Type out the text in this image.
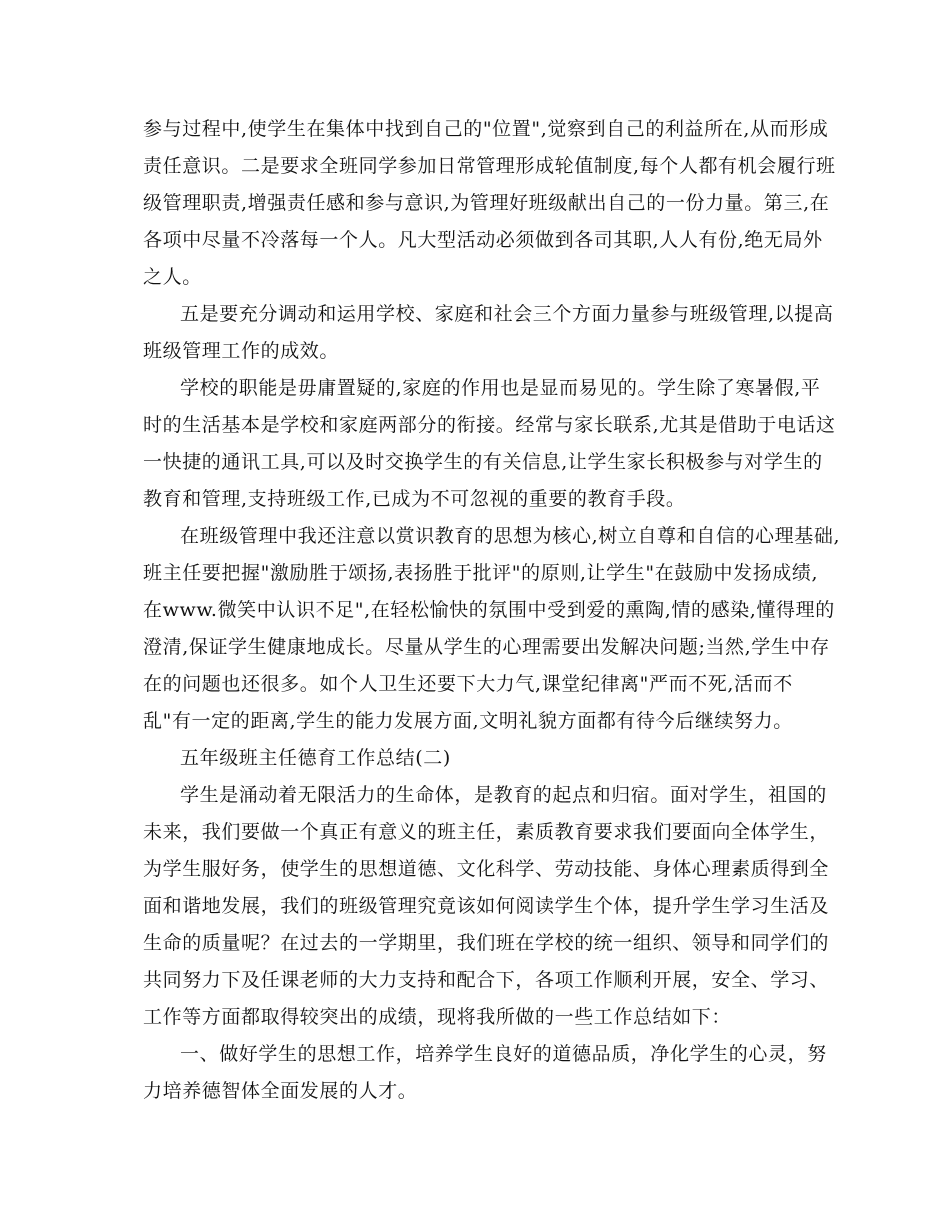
参与过程中,使学生在集体中找到自己的"位置",觉察到自己的利益所在,从而形成
责任意识。二是要求全班同学参加日常管理形成轮值制度,每个人都有机会履行班
级管理职责,增强责任感和参与意识,为管理好班级献出自己的一份力量。第三,在
各项中尽量不冷落每一个人。凡大型活动必须做到各司其职,人人有份,绝无局外
之人。
五是要充分调动和运用学校、家庭和社会三个方面力量参与班级管理,以提高
班级管理工作的成效。
学校的职能是毋庸置疑的,家庭的作用也是显而易见的。学生除了寒暑假,平
时的生活基本是学校和家庭两部分的衔接。经常与家长联系,尤其是借助于电话这
一快捷的通讯工具,可以及时交换学生的有关信息,让学生家长积极参与对学生的
教育和管理,支持班级工作,已成为不可忽视的重要的教育手段。
在班级管理中我还注意以赏识教育的思想为核心,树立自尊和自信的心理基础,
班主任要把握"激励胜于颂扬,表扬胜于批评"的原则,让学生"在鼓励中发扬成绩,
在www.微笑中认识不足",在轻松愉快的氛围中受到爱的熏陶,情的感染,懂得理的
澄清,保证学生健康地成长。尽量从学生的心理需要出发解决问题;当然,学生中存
在的问题也还很多。如个人卫生还要下大力气,课堂纪律离"严而不死,活而不
乱"有一定的距离,学生的能力发展方面,文明礼貌方面都有待今后继续努力。
五年级班主任德育工作总结(二)
学生是涌动着无限活力的生命体，是教育的起点和归宿。面对学生，祖国的
未来，我们要做一个真正有意义的班主任，素质教育要求我们要面向全体学生，
为学生服好务，使学生的思想道德、文化科学、劳动技能、身体心理素质得到全
面和谐地发展，我们的班级管理究竟该如何阅读学生个体，提升学生学习生活及
生命的质量呢？在过去的一学期里，我们班在学校的统一组织、领导和同学们的
共同努力下及任课老师的大力支持和配合下，各项工作顺利开展，安全、学习、
工作等方面都取得较突出的成绩，现将我所做的一些工作总结如下：
一、做好学生的思想工作，培养学生良好的道德品质，净化学生的心灵，努
力培养德智体全面发展的人才。
